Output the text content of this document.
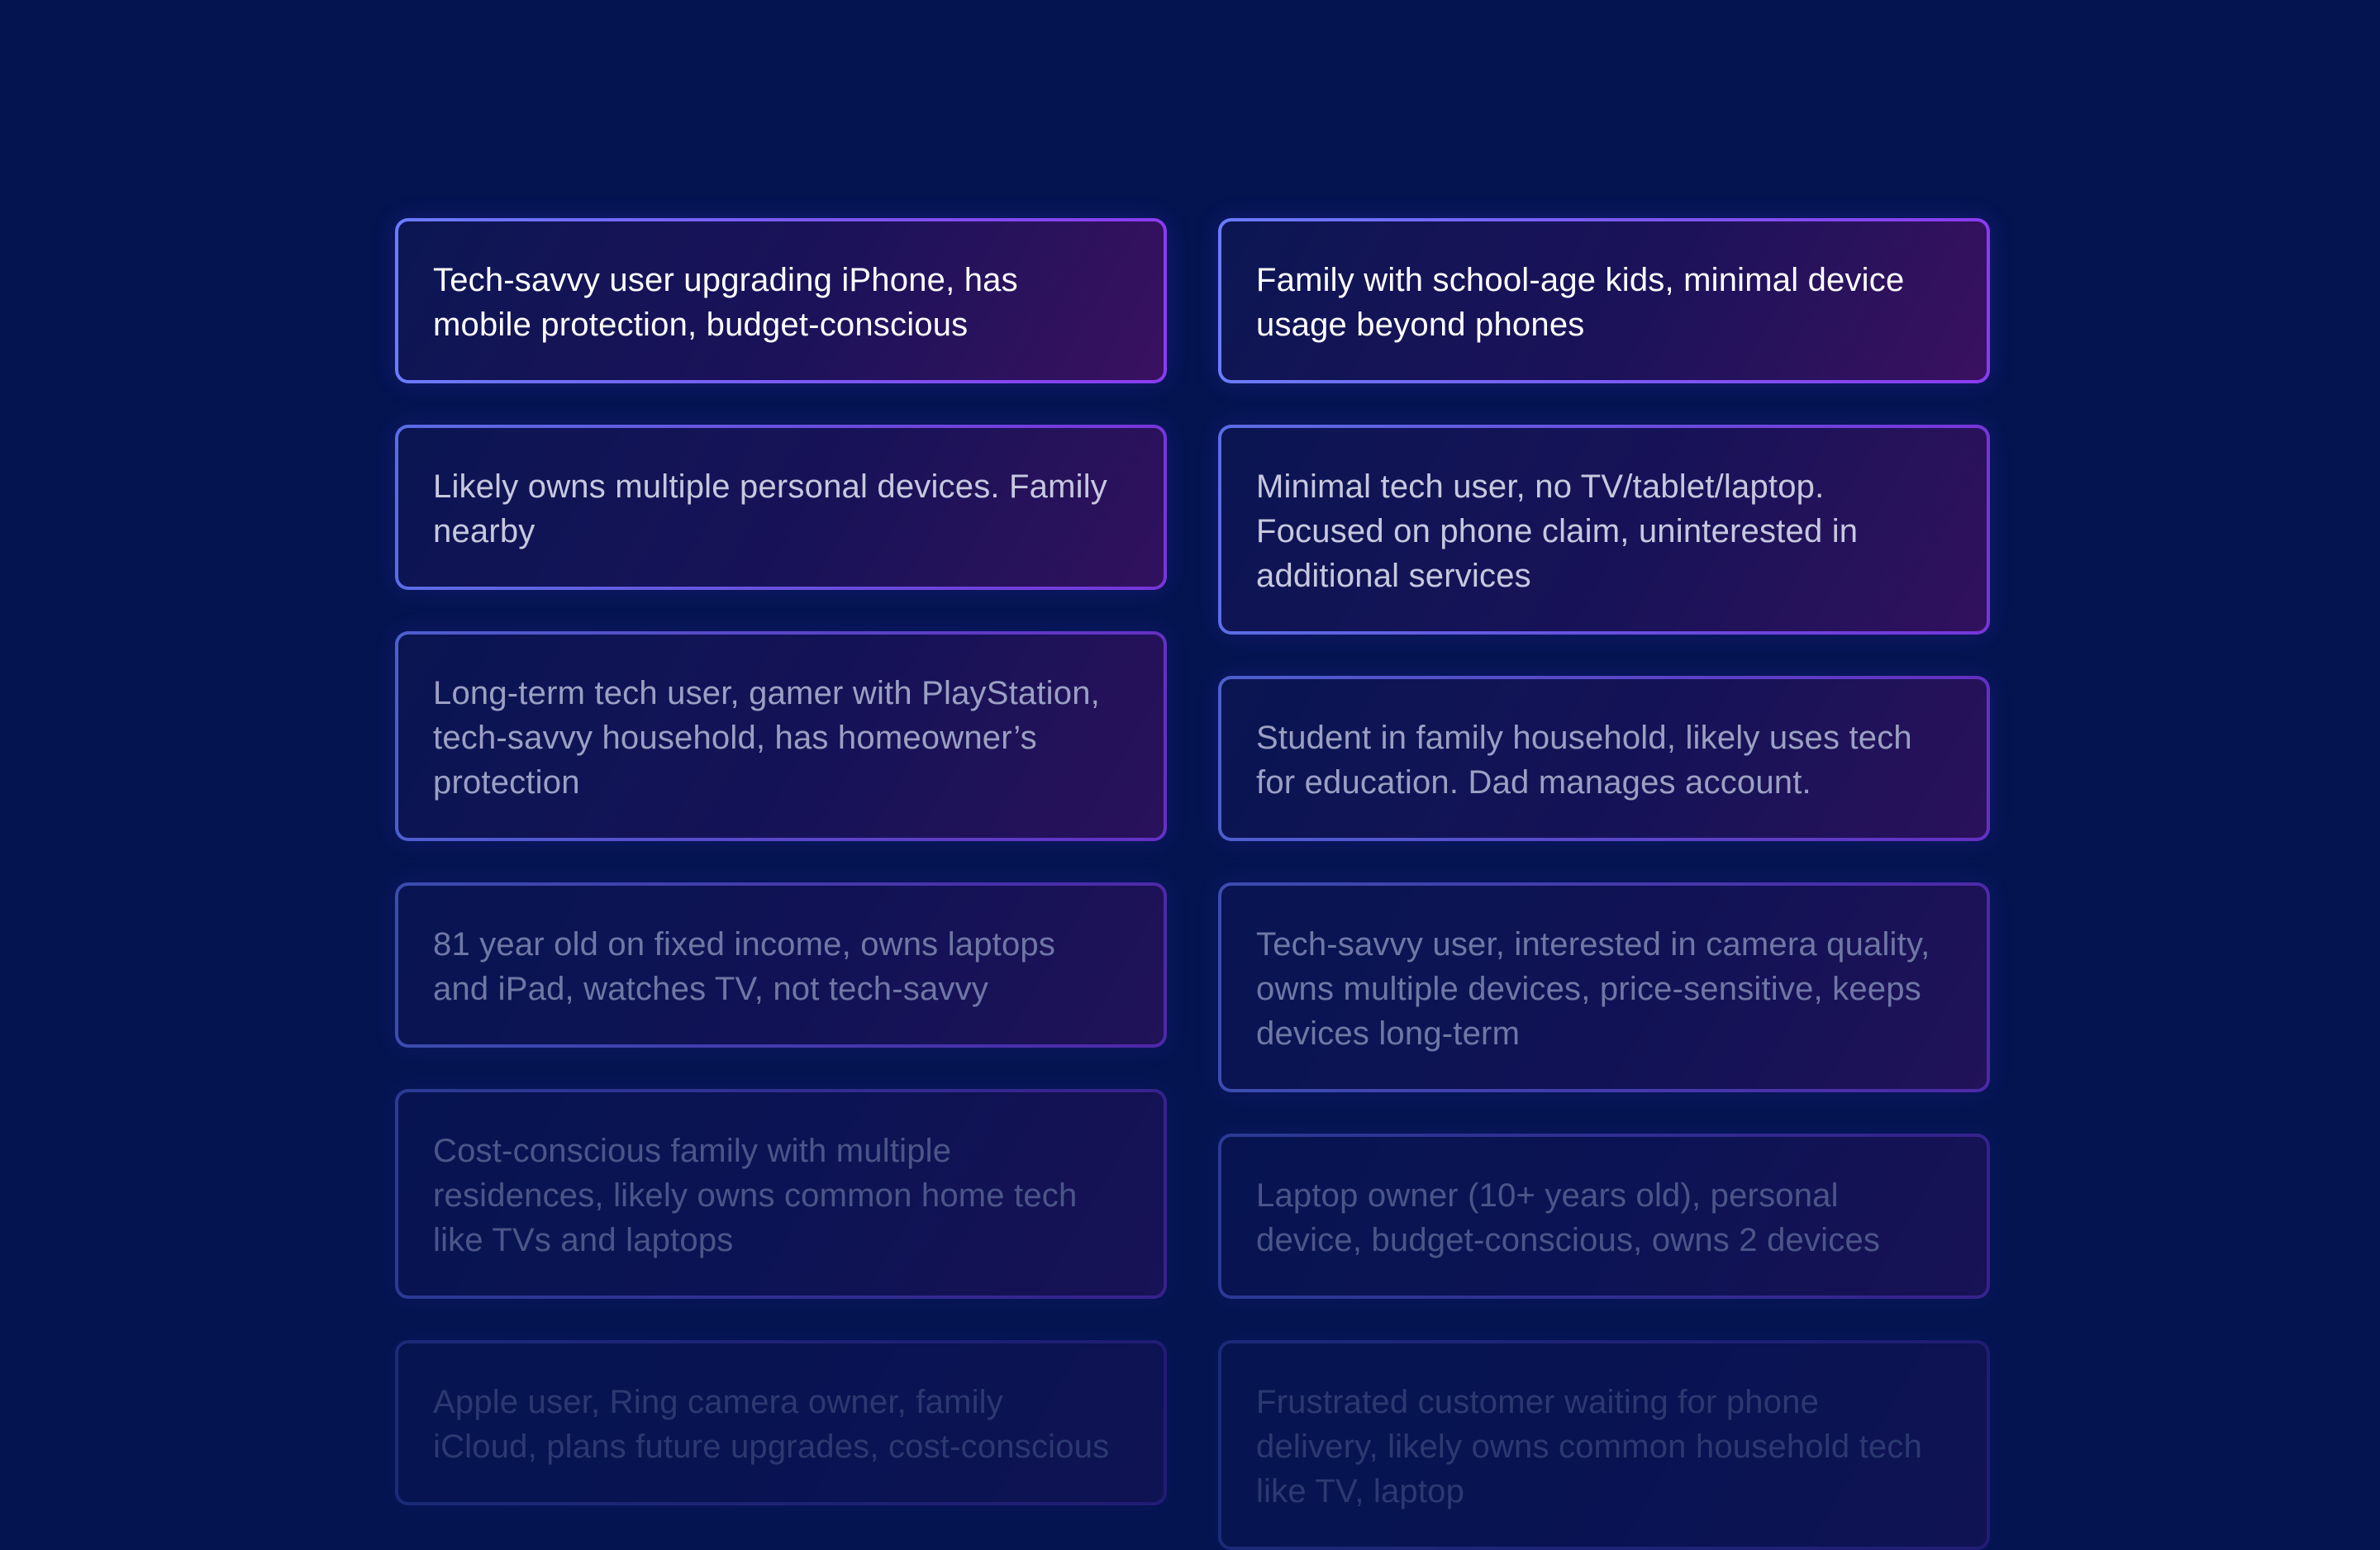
Tech-savvy user upgrading iPhone, has mobile protection, budget-conscious

Likely owns multiple personal devices. Family nearby

Long-term tech user, gamer with PlayStation, tech-savvy household, has homeowner’s protection

81 year old on fixed income, owns laptops and iPad, watches TV, not tech-savvy

Cost-conscious family with multiple residences, likely owns common home tech like TVs and laptops

Apple user, Ring camera owner, family iCloud, plans future upgrades, cost-conscious

Family with school-age kids, minimal device usage beyond phones

Minimal tech user, no TV/tablet/laptop. Focused on phone claim, uninterested in additional services

Student in family household, likely uses tech for education. Dad manages account.

Tech-savvy user, interested in camera quality, owns multiple devices, price-sensitive, keeps devices long-term

Laptop owner (10+ years old), personal device, budget-conscious, owns 2 devices

Frustrated customer waiting for phone delivery, likely owns common household tech like TV, laptop
